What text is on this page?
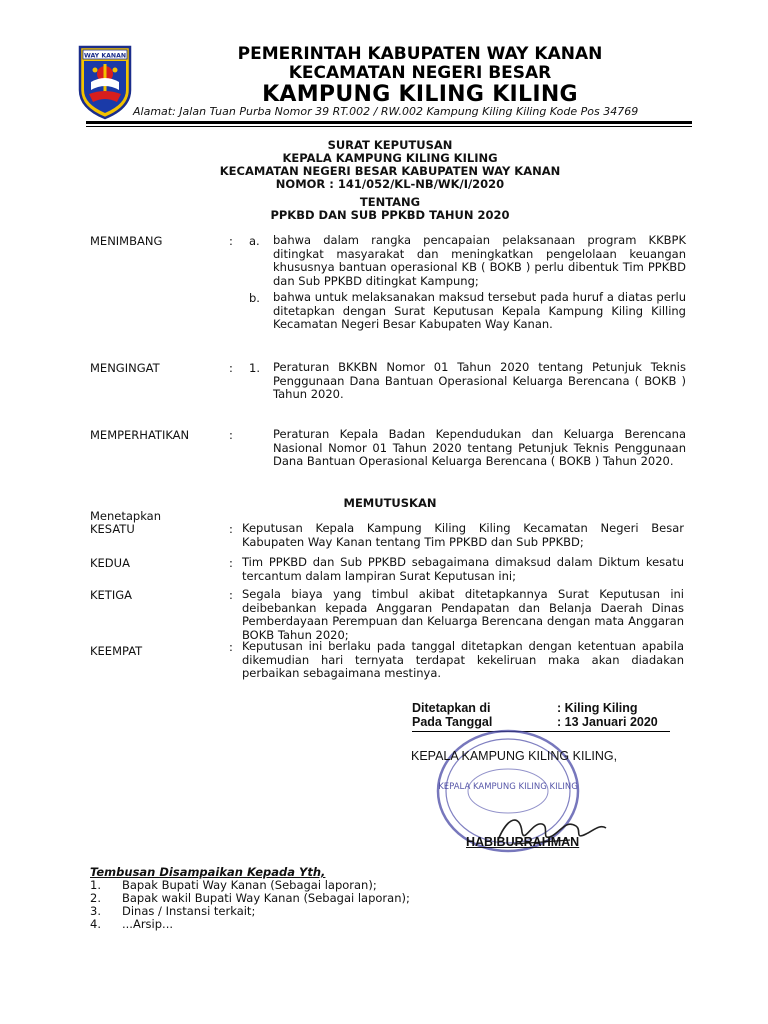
WAY KANAN	PEMERINTAH KABUPATEN WAY KANAN
KECAMATAN NEGERI BESAR
KAMPUNG KILING KILING
Alamat: Jalan Tuan Purba Nomor 39 RT.002 / RW.002 Kampung Kiling Kiling Kode Pos 34769
SURAT KEPUTUSAN
KEPALA KAMPUNG KILING KILING
KECAMATAN NEGERI BESAR KABUPATEN WAY KANAN
NOMOR : 141/052/KL-NB/WK/I/2020
TENTANG
PPKBD DAN SUB PPKBD TAHUN 2020
MENIMBANG	: a. bahwa dalam rangka pencapaian pelaksanaan program KKBPK ditingkat masyarakat dan meningkatkan pengelolaan keuangan khususnya bantuan operasional KB ( BOKB ) perlu dibentuk Tim PPKBD dan Sub PPKBD ditingkat Kampung;
b. bahwa untuk melaksanakan maksud tersebut pada huruf a diatas perlu ditetapkan dengan Surat Keputusan Kepala Kampung Kiling Killing Kecamatan Negeri Besar Kabupaten Way Kanan.
MENGINGAT	: 1. Peraturan BKKBN Nomor 01 Tahun 2020 tentang Petunjuk Teknis Penggunaan Dana Bantuan Operasional Keluarga Berencana ( BOKB ) Tahun 2020.
MEMPERHATIKAN	:	Peraturan Kepala Badan Kependudukan dan Keluarga Berencana Nasional Nomor 01 Tahun 2020 tentang Petunjuk Teknis Penggunaan Dana Bantuan Operasional Keluarga Berencana ( BOKB ) Tahun 2020.
MEMUTUSKAN
Menetapkan
KESATU	: Keputusan Kepala Kampung Kiling Kiling Kecamatan Negeri Besar Kabupaten Way Kanan tentang Tim PPKBD dan Sub PPKBD;
KEDUA	: Tim PPKBD dan Sub PPKBD sebagaimana dimaksud dalam Diktum kesatu tercantum dalam lampiran Surat Keputusan ini;
KETIGA	: Segala biaya yang timbul akibat ditetapkannya Surat Keputusan ini deibebankan kepada Anggaran Pendapatan dan Belanja Daerah Dinas Pemberdayaan Perempuan dan Keluarga Berencana dengan mata Anggaran BOKB Tahun 2020;
KEEMPAT	: Keputusan ini berlaku pada tanggal ditetapkan dengan ketentuan apabila dikemudian hari ternyata terdapat kekeliruan maka akan diadakan perbaikan sebagaimana mestinya.
Ditetapkan di	: Kiling Kiling
Pada Tanggal	: 13 Januari 2020
KEPALA KAMPUNG KILING KILING
KEPALA KAMPUNG KILING KILING,
HABIBURRAHMAN
Tembusan Disampaikan Kepada Yth,
1. Bapak Bupati Way Kanan (Sebagai laporan);
2. Bapak wakil Bupati Way Kanan (Sebagai laporan);
3. Dinas / Instansi terkait;
4. ...Arsip...
